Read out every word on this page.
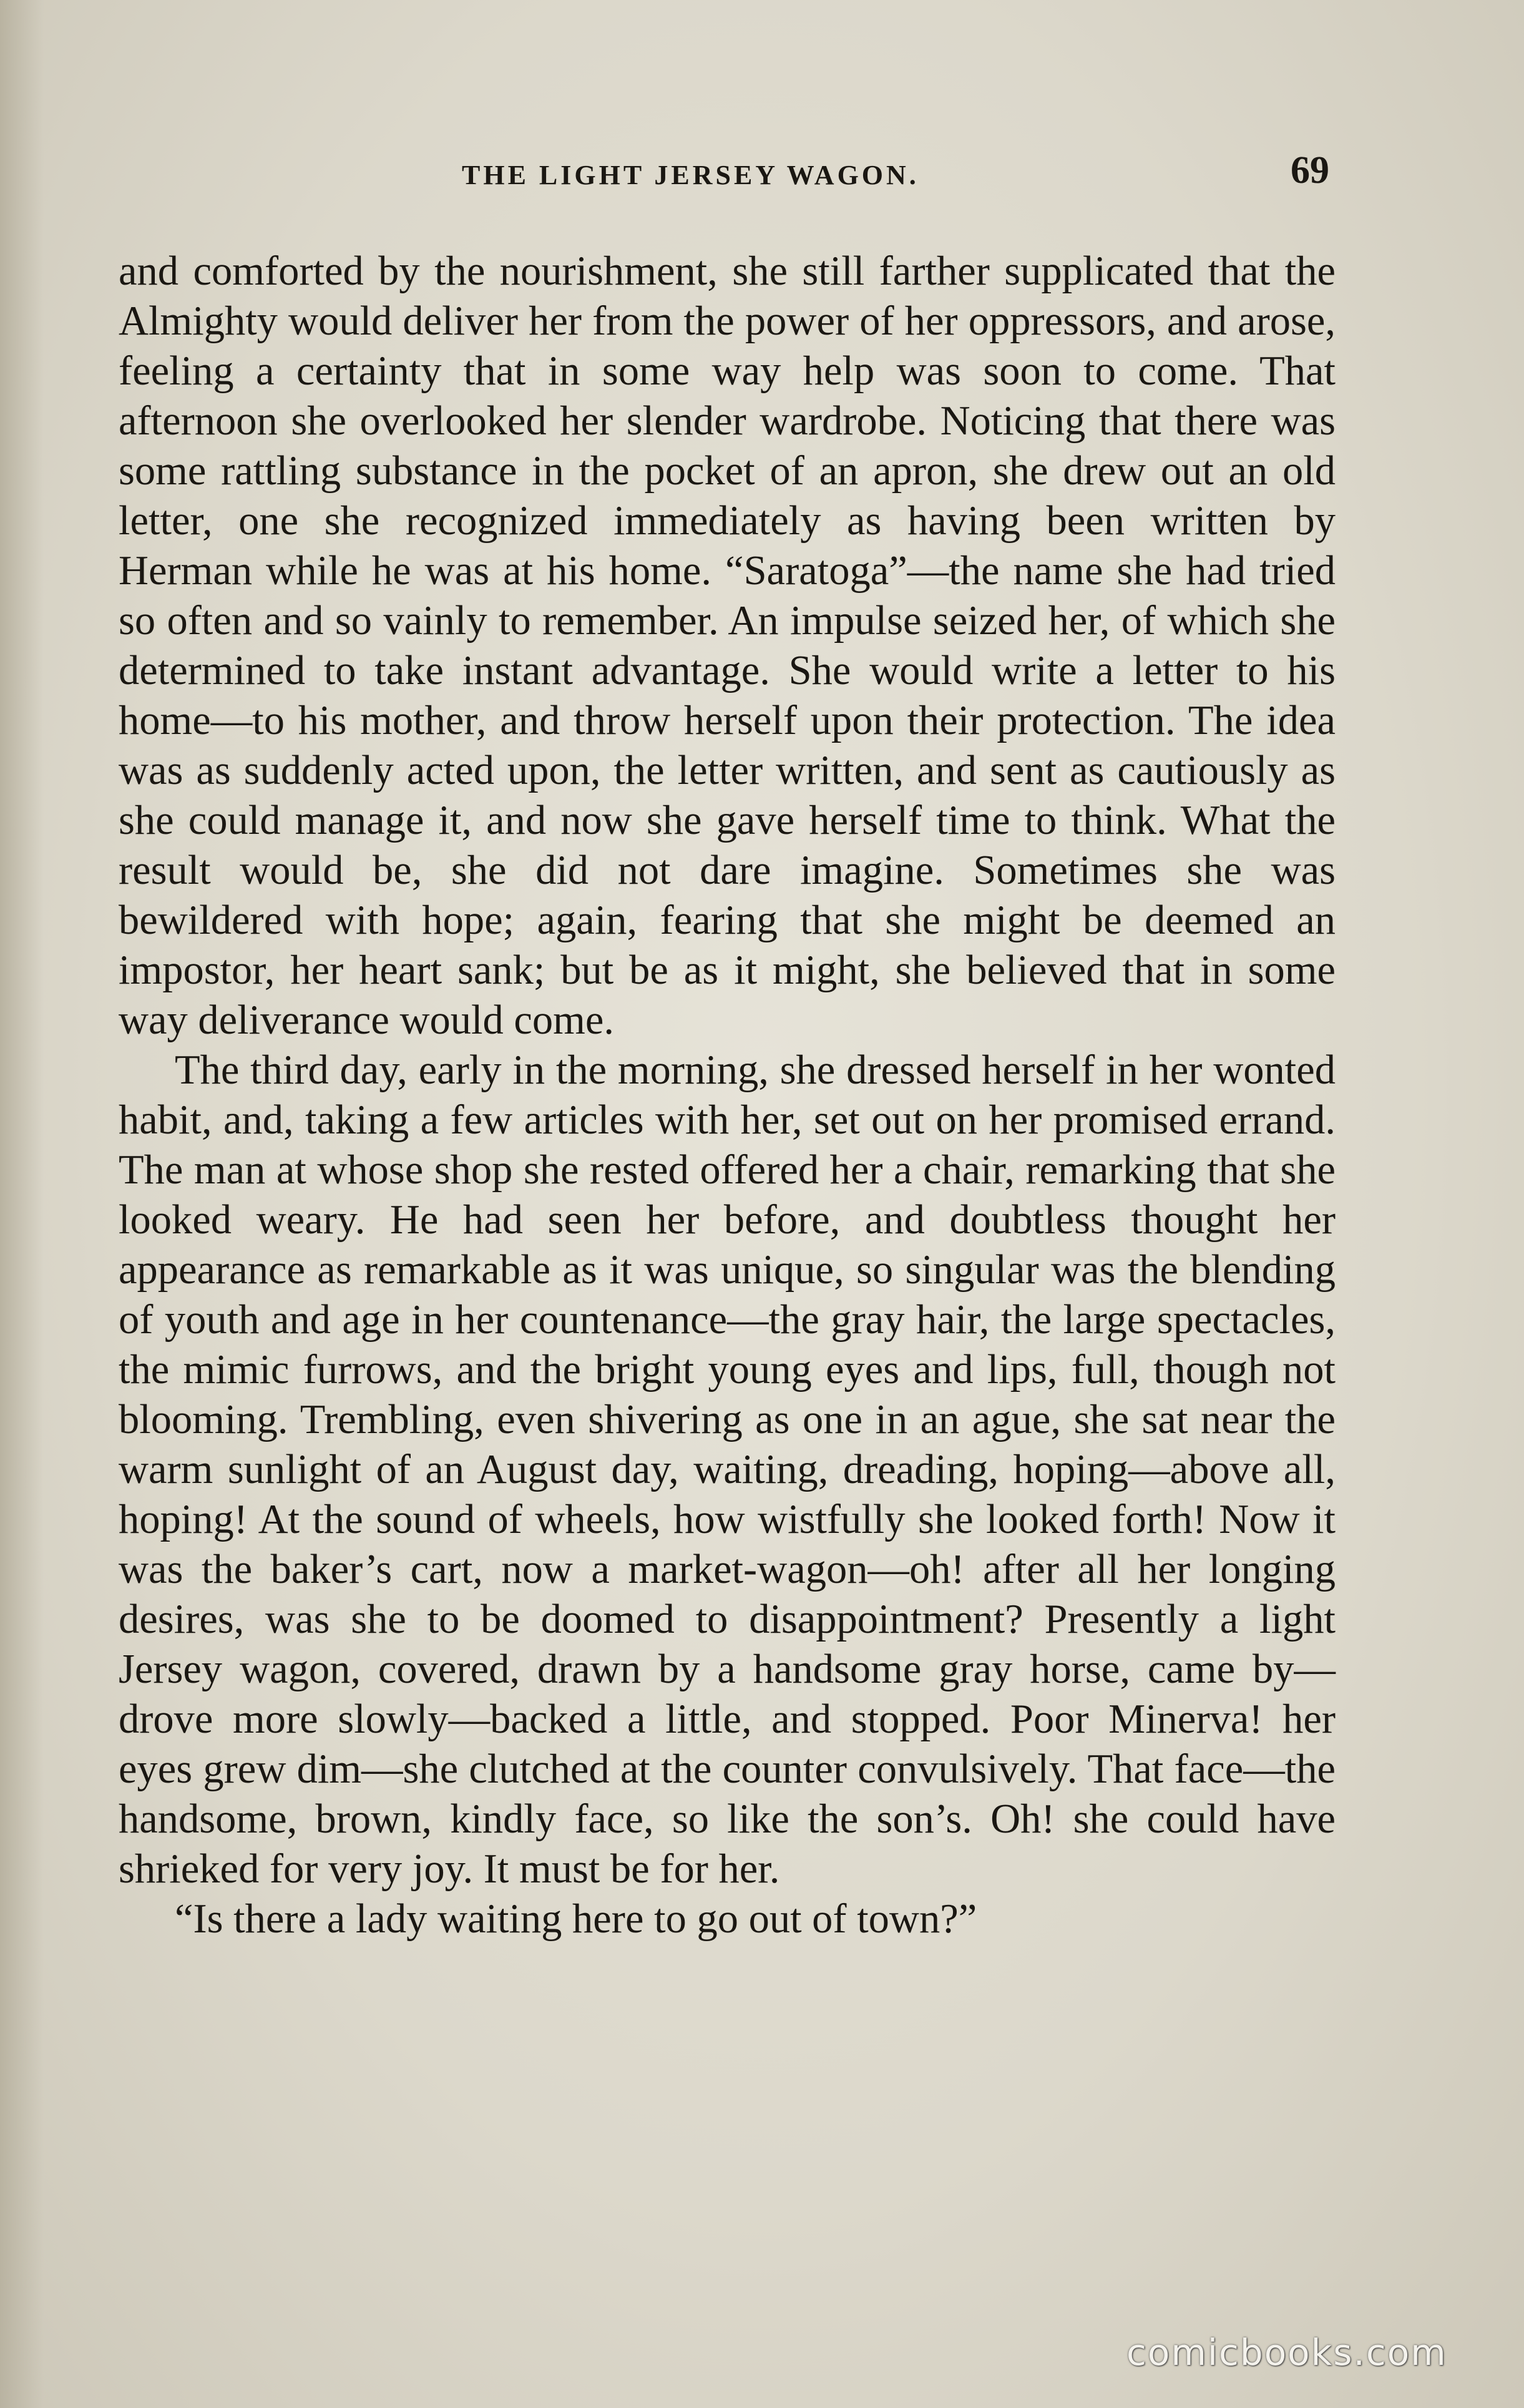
THE LIGHT JERSEY WAGON.	69

and comforted by the nourishment, she still farther supplicated that the Almighty would deliver her from the power of her oppressors, and arose, feeling a certainty that in some way help was soon to come. That afternoon she overlooked her slender wardrobe. Noticing that there was some rattling substance in the pocket of an apron, she drew out an old letter, one she recognized immediately as having been written by Herman while he was at his home. “Saratoga”—the name she had tried so often and so vainly to remember. An impulse seized her, of which she determined to take instant advantage. She would write a letter to his home—to his mother, and throw herself upon their protection. The idea was as suddenly acted upon, the letter written, and sent as cautiously as she could manage it, and now she gave herself time to think. What the result would be, she did not dare imagine. Sometimes she was bewildered with hope; again, fearing that she might be deemed an impostor, her heart sank; but be as it might, she believed that in some way deliverance would come.

The third day, early in the morning, she dressed herself in her wonted habit, and, taking a few articles with her, set out on her promised errand. The man at whose shop she rested offered her a chair, remarking that she looked weary. He had seen her before, and doubtless thought her appearance as remarkable as it was unique, so singular was the blending of youth and age in her countenance—the gray hair, the large spectacles, the mimic furrows, and the bright young eyes and lips, full, though not blooming. Trembling, even shivering as one in an ague, she sat near the warm sunlight of an August day, waiting, dreading, hoping—above all, hoping! At the sound of wheels, how wistfully she looked forth! Now it was the baker’s cart, now a market-wagon—oh! after all her longing desires, was she to be doomed to disappointment? Presently a light Jersey wagon, covered, drawn by a handsome gray horse, came by—drove more slowly—backed a little, and stopped. Poor Minerva! her eyes grew dim—she clutched at the counter convulsively. That face—the handsome, brown, kindly face, so like the son’s. Oh! she could have shrieked for very joy. It must be for her.

“Is there a lady waiting here to go out of town?”

comicbooks.com
